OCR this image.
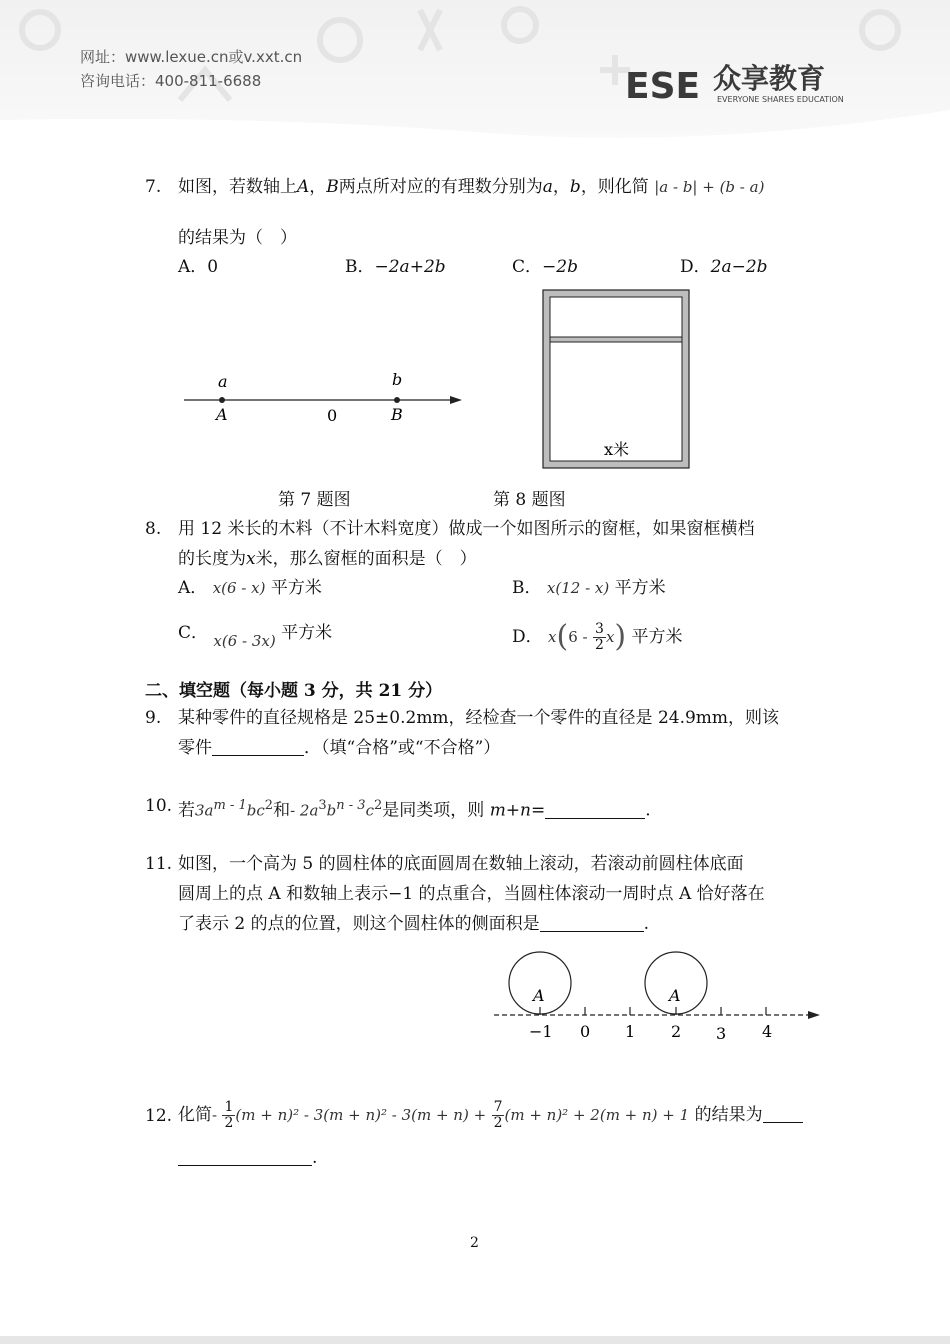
网址：www.lexue.cn或v.xxt.cn
咨询电话：400-811-6688	ESE 众享教育
EVERYONE SHARES EDUCATION
7. 如图，若数轴上A，B两点所对应的有理数分别为a，b，则化简 |a - b| + (b - a)
的结果为（　）
A．0	B．−2a+2b	C．−2b	D．2a−2b
a	b
A	0	B
x米
第 7 题图	第 8 题图
8. 用 12 米长的木料（不计木料宽度）做成一个如图所示的窗框，如果窗框横档
的长度为x米，那么窗框的面积是（　）
A． x(6 - x) 平方米	B． x(12 - x) 平方米
C． x(6 - 3x) 平方米	D． $x(6 - \frac{3}{2} x)$ 平方米
二、填空题（每小题 3 分，共 21 分）
9. 某种零件的直径规格是 25±0.2mm，经检查一个零件的直径是 24.9mm，则该
零件	．（填“合格”或“不合格”）
10. 若$3a^{m - 1}bc^2$和- $2a^3b^{n - 3}c^2$是同类项，则 m+n=	.
11. 如图，一个高为 5 的圆柱体的底面圆周在数轴上滚动，若滚动前圆柱体底面
圆周上的点 A 和数轴上表示−1 的点重合，当圆柱体滚动一周时点 A 恰好落在
了表示 2 的点的位置，则这个圆柱体的侧面积是	.
A	A
−1 0 1 2 3 4
12. 化简- $\frac{1}{2} (m + n)^2 - 3(m + n)^2 - 3(m + n) + \frac{7}{2} (m + n)^2 + 2(m + n) + 1$ 的结果为
.
2
